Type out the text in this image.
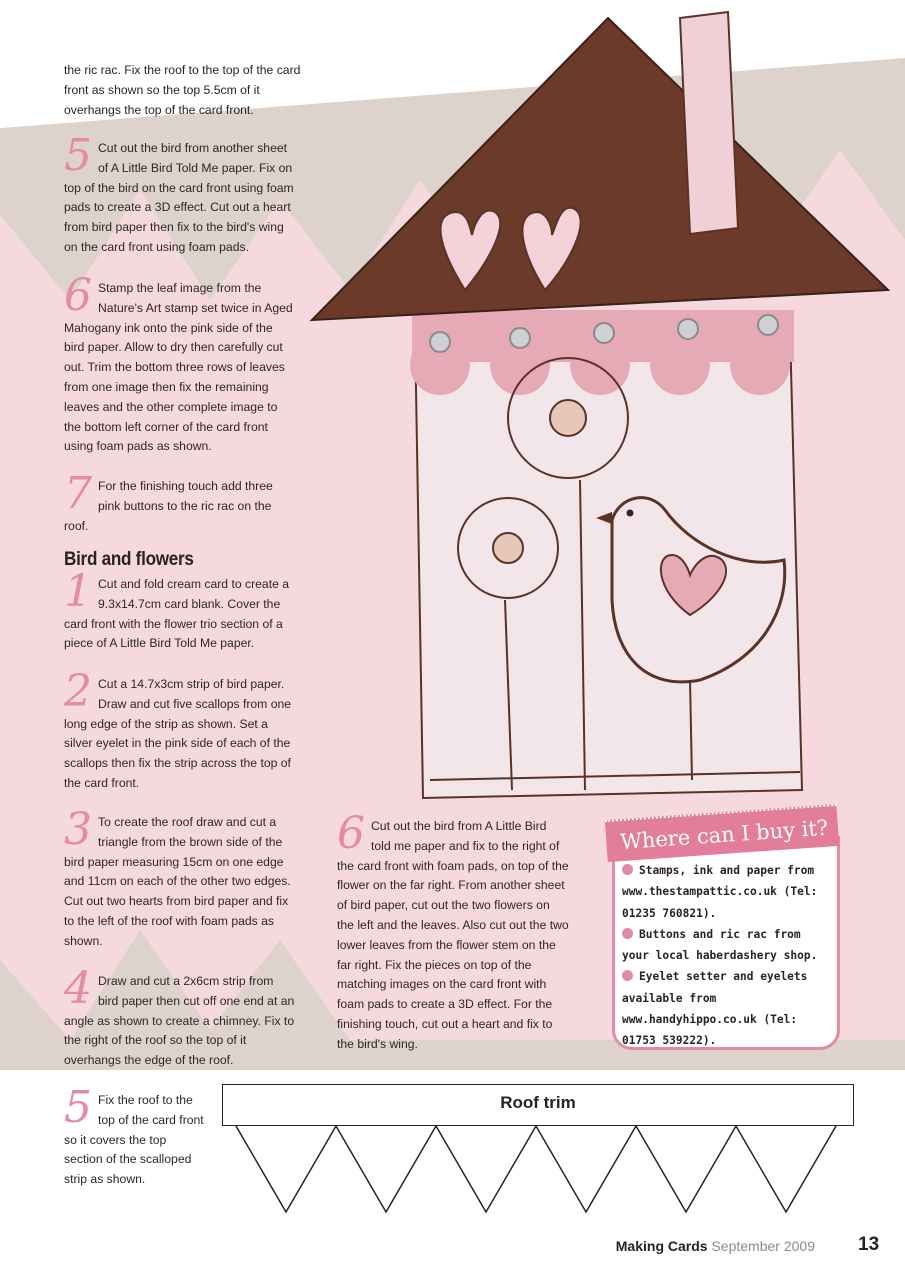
the ric rac. Fix the roof to the top of the card front as shown so the top 5.5cm of it overhangs the top of the card front.
5 Cut out the bird from another sheet of A Little Bird Told Me paper. Fix on top of the bird on the card front using foam pads to create a 3D effect. Cut out a heart from bird paper then fix to the bird's wing on the card front using foam pads.
6 Stamp the leaf image from the Nature's Art stamp set twice in Aged Mahogany ink onto the pink side of the bird paper. Allow to dry then carefully cut out. Trim the bottom three rows of leaves from one image then fix the remaining leaves and the other complete image to the bottom left corner of the card front using foam pads as shown.
7 For the finishing touch add three pink buttons to the ric rac on the roof.
Bird and flowers
1 Cut and fold cream card to create a 9.3x14.7cm card blank. Cover the card front with the flower trio section of a piece of A Little Bird Told Me paper.
2 Cut a 14.7x3cm strip of bird paper. Draw and cut five scallops from one long edge of the strip as shown. Set a silver eyelet in the pink side of each of the scallops then fix the strip across the top of the card front.
3 To create the roof draw and cut a triangle from the brown side of the bird paper measuring 15cm on one edge and 11cm on each of the other two edges. Cut out two hearts from bird paper and fix to the left of the roof with foam pads as shown.
4 Draw and cut a 2x6cm strip from bird paper then cut off one end at an angle as shown to create a chimney. Fix to the right of the roof so the top of it overhangs the edge of the roof.
5 Fix the roof to the top of the card front so it covers the top section of the scalloped strip as shown.
6 Cut out the bird from A Little Bird told me paper and fix to the right of the card front with foam pads, on top of the flower on the far right. From another sheet of bird paper, cut out the two flowers on the left and the leaves. Also cut out the two lower leaves from the flower stem on the far right. Fix the pieces on top of the matching images on the card front with foam pads to create a 3D effect. For the finishing touch, cut out a heart and fix to the bird's wing.
Where can I buy it?
Stamps, ink and paper from www.thestampattic.co.uk (Tel: 01235 760821).
Buttons and ric rac from your local haberdashery shop.
Eyelet setter and eyelets available from www.handyhippo.co.uk (Tel: 01753 539222).
Roof trim
Making Cards September 2009 13
